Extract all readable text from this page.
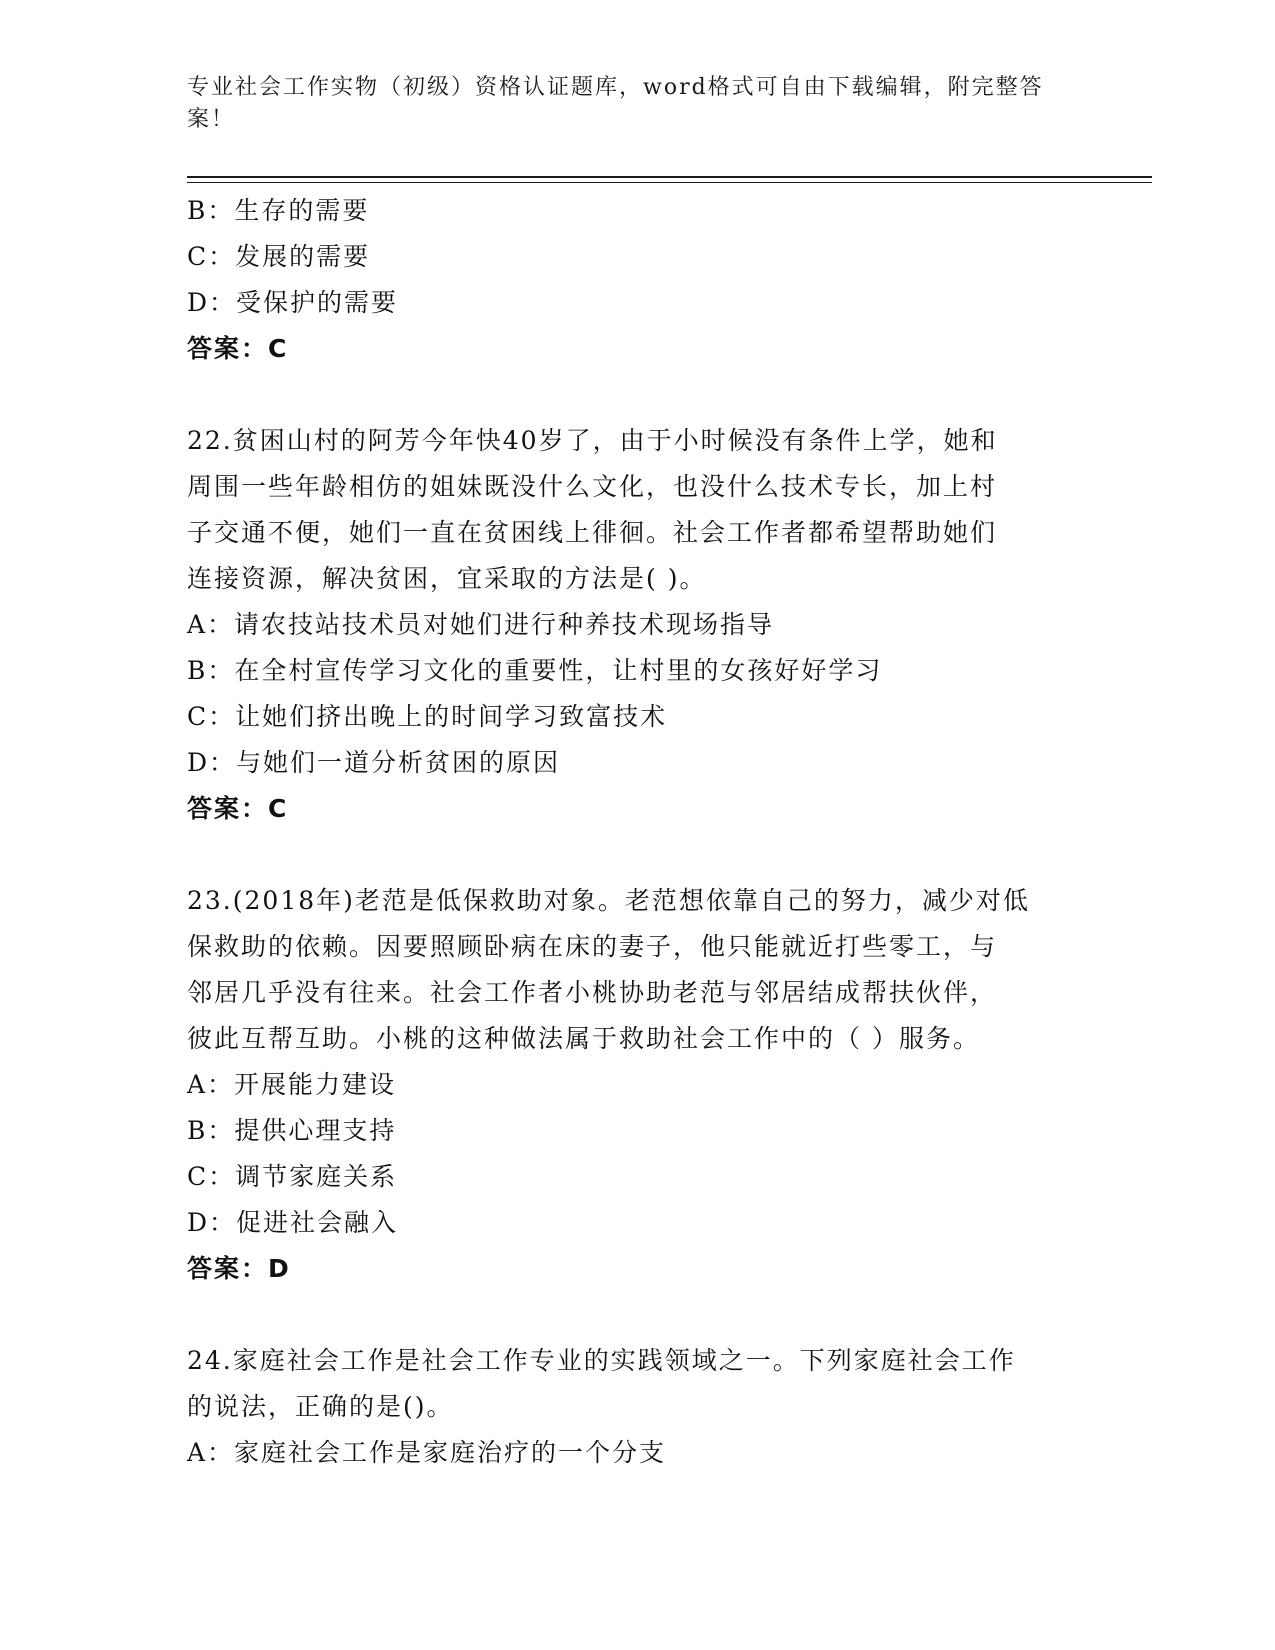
专业社会工作实物（初级）资格认证题库，word格式可自由下载编辑，附完整答案！
B：生存的需要
C：发展的需要
D：受保护的需要
答案：C
22.贫困山村的阿芳今年快40岁了，由于小时候没有条件上学，她和
周围一些年龄相仿的姐妹既没什么文化，也没什么技术专长，加上村
子交通不便，她们一直在贫困线上徘徊。社会工作者都希望帮助她们
连接资源，解决贫困，宜采取的方法是( )。
A：请农技站技术员对她们进行种养技术现场指导
B：在全村宣传学习文化的重要性，让村里的女孩好好学习
C：让她们挤出晚上的时间学习致富技术
D：与她们一道分析贫困的原因
答案：C
23.(2018年)老范是低保救助对象。老范想依靠自己的努力，减少对低
保救助的依赖。因要照顾卧病在床的妻子，他只能就近打些零工，与
邻居几乎没有往来。社会工作者小桃协助老范与邻居结成帮扶伙伴，
彼此互帮互助。小桃的这种做法属于救助社会工作中的（ ）服务。
A：开展能力建设
B：提供心理支持
C：调节家庭关系
D：促进社会融入
答案：D
24.家庭社会工作是社会工作专业的实践领域之一。下列家庭社会工作
的说法，正确的是()。
A：家庭社会工作是家庭治疗的一个分支
